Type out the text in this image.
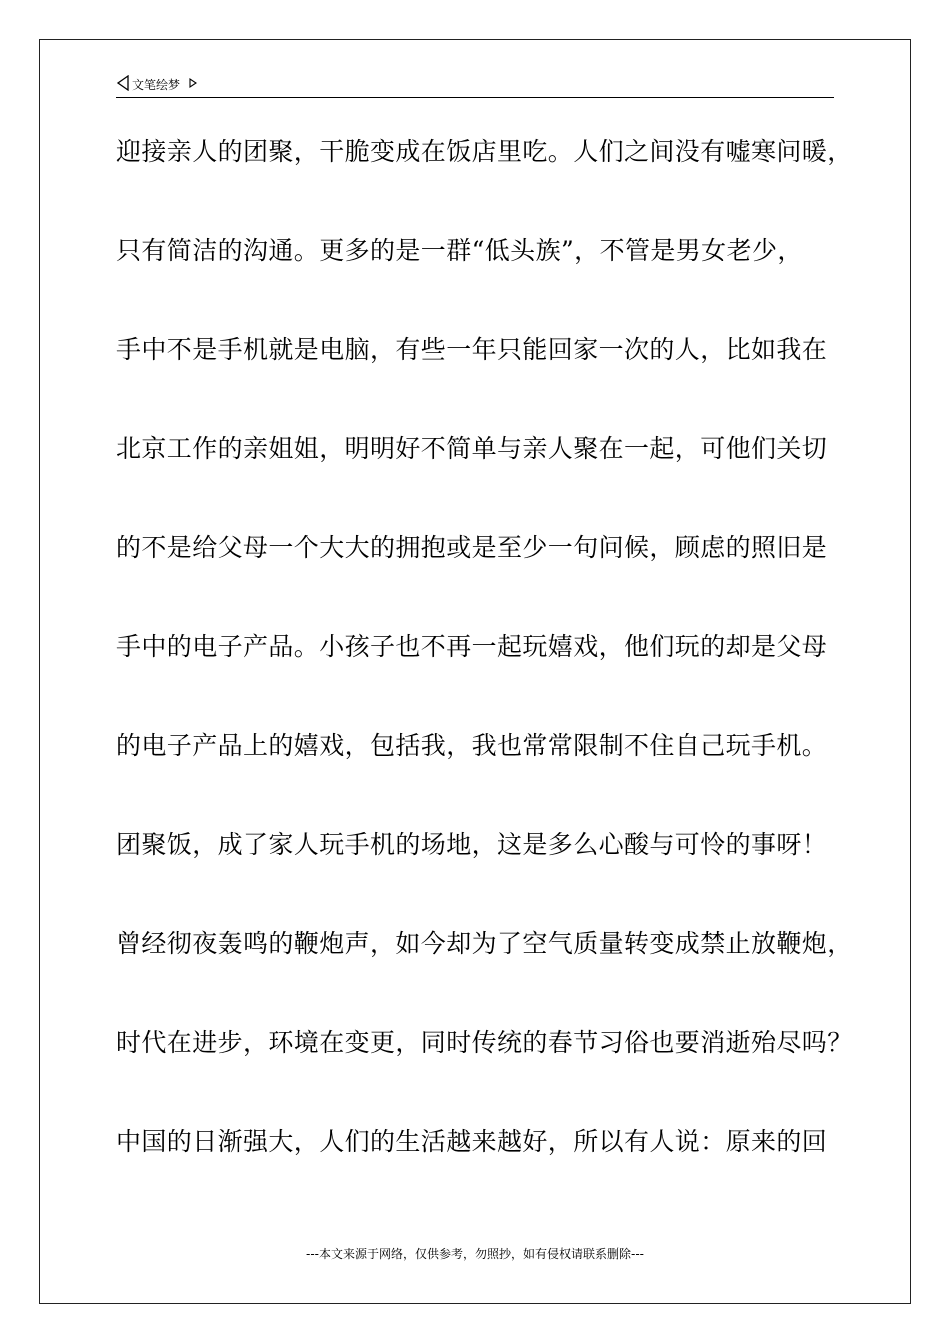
文笔绘梦
迎接亲人的团聚，干脆变成在饭店里吃。人们之间没有嘘寒问暖，
只有简洁的沟通。更多的是一群“低头族”，不管是男女老少，
手中不是手机就是电脑，有些一年只能回家一次的人，比如我在
北京工作的亲姐姐，明明好不简单与亲人聚在一起，可他们关切
的不是给父母一个大大的拥抱或是至少一句问候，顾虑的照旧是
手中的电子产品。小孩子也不再一起玩嬉戏，他们玩的却是父母
的电子产品上的嬉戏，包括我，我也常常限制不住自己玩手机。
团聚饭，成了家人玩手机的场地，这是多么心酸与可怜的事呀！
曾经彻夜轰鸣的鞭炮声，如今却为了空气质量转变成禁止放鞭炮，
时代在进步，环境在变更，同时传统的春节习俗也要消逝殆尽吗？
中国的日渐强大，人们的生活越来越好，所以有人说：原来的回
---本文来源于网络，仅供参考，勿照抄，如有侵权请联系删除---
